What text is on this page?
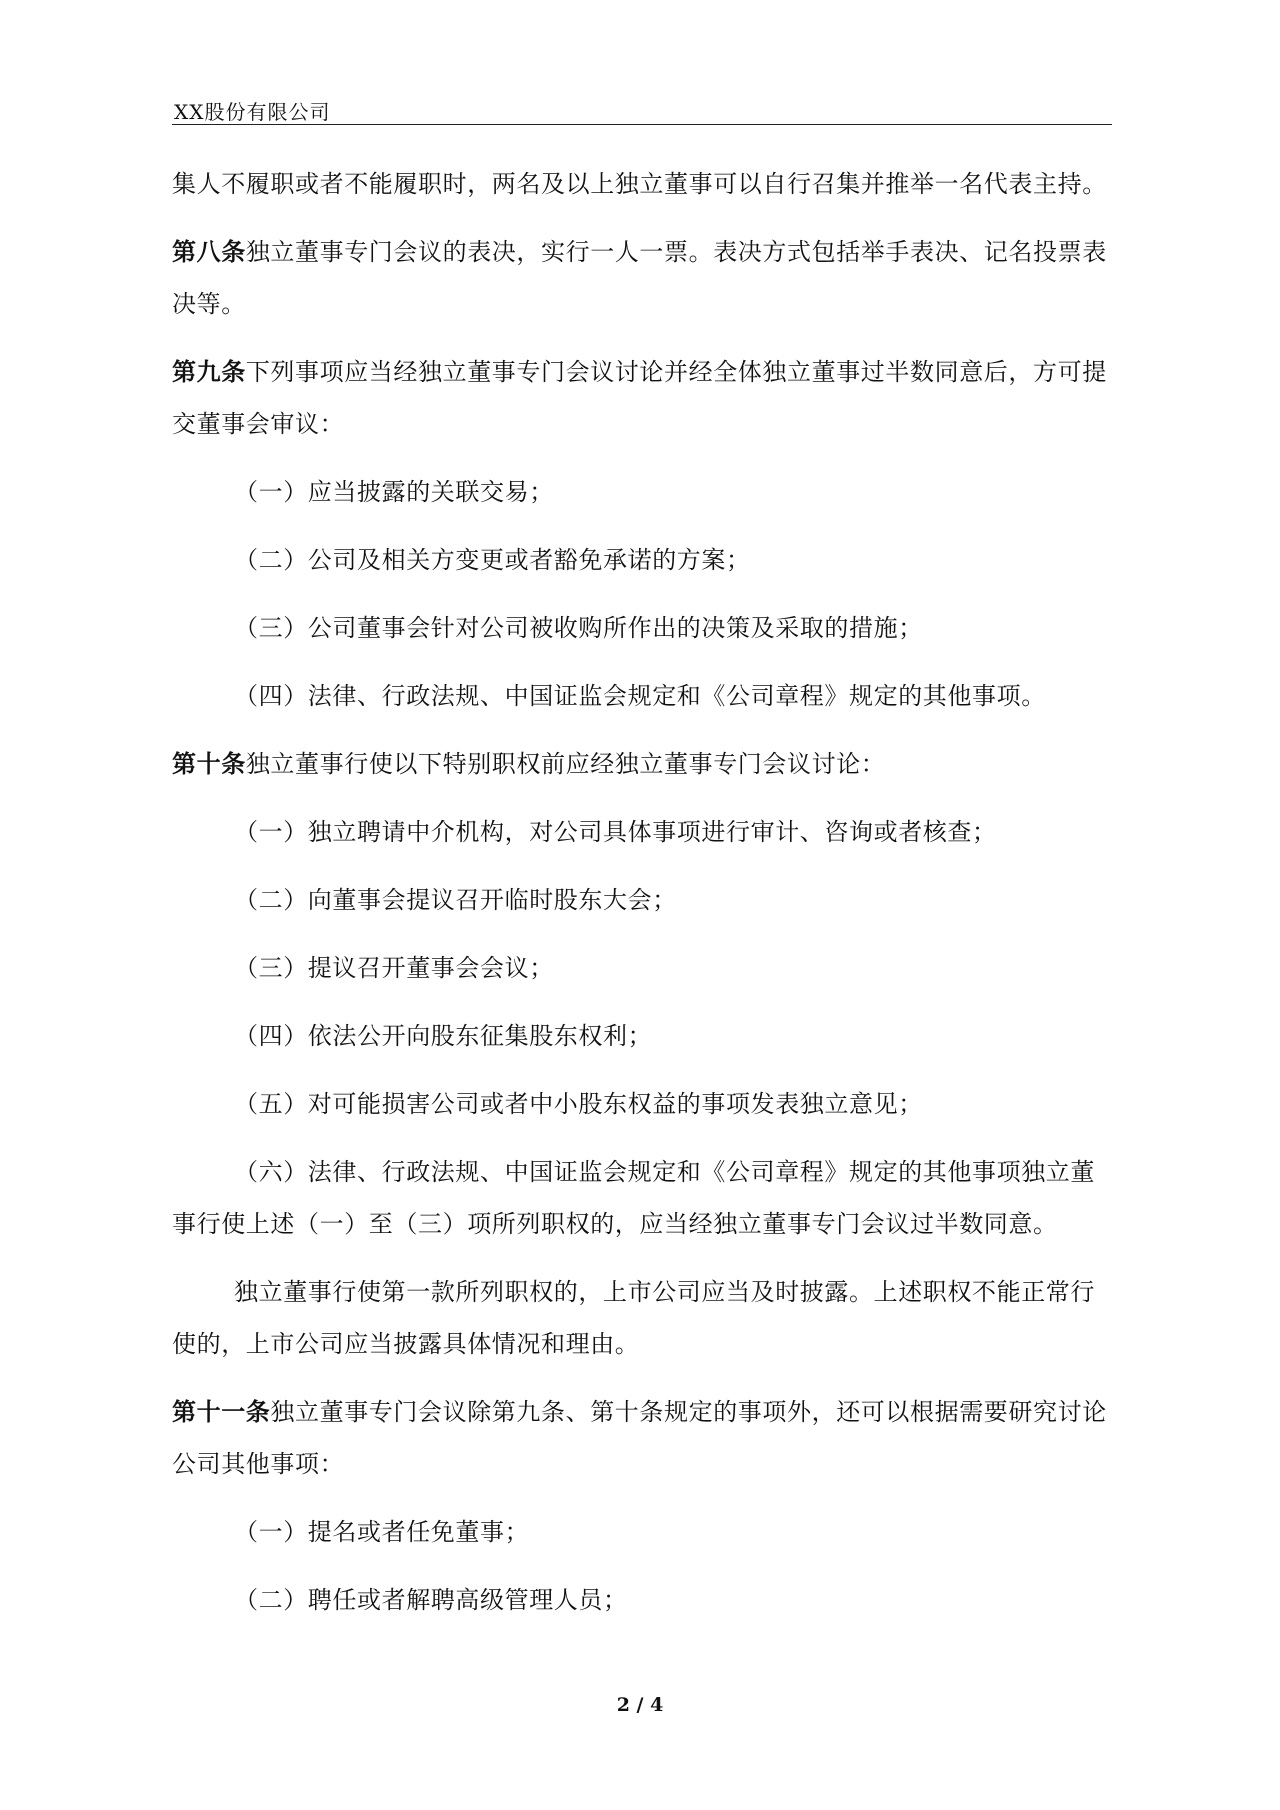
XX股份有限公司

集人不履职或者不能履职时，两名及以上独立董事可以自行召集并推举一名代表主持。

第八条独立董事专门会议的表决，实行一人一票。表决方式包括举手表决、记名投票表决等。

第九条下列事项应当经独立董事专门会议讨论并经全体独立董事过半数同意后，方可提交董事会审议：

（一）应当披露的关联交易；

（二）公司及相关方变更或者豁免承诺的方案；

（三）公司董事会针对公司被收购所作出的决策及采取的措施；

（四）法律、行政法规、中国证监会规定和《公司章程》规定的其他事项。

第十条独立董事行使以下特别职权前应经独立董事专门会议讨论：

（一）独立聘请中介机构，对公司具体事项进行审计、咨询或者核查；

（二）向董事会提议召开临时股东大会；

（三）提议召开董事会会议；

（四）依法公开向股东征集股东权利；

（五）对可能损害公司或者中小股东权益的事项发表独立意见；

（六）法律、行政法规、中国证监会规定和《公司章程》规定的其他事项独立董事行使上述（一）至（三）项所列职权的，应当经独立董事专门会议过半数同意。

独立董事行使第一款所列职权的，上市公司应当及时披露。上述职权不能正常行使的，上市公司应当披露具体情况和理由。

第十一条独立董事专门会议除第九条、第十条规定的事项外，还可以根据需要研究讨论公司其他事项：

（一）提名或者任免董事；

（二）聘任或者解聘高级管理人员；

2 / 4
